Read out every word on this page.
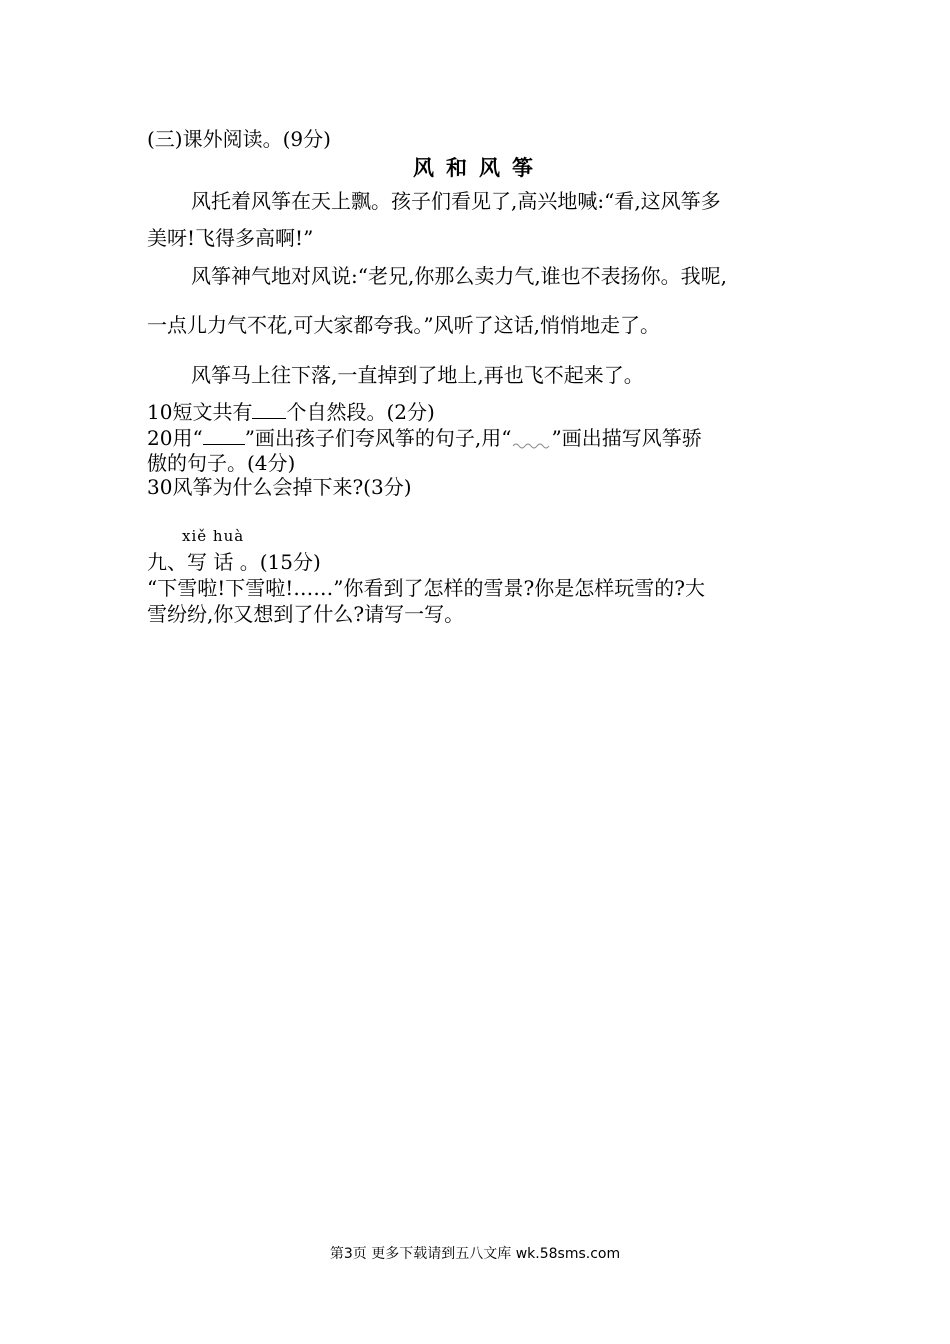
(三)课外阅读。(9分)
风和风筝
风托着风筝在天上飘。孩子们看见了,高兴地喊:“看,这风筝多
美呀!飞得多高啊!”
风筝神气地对风说:“老兄,你那么卖力气,谁也不表扬你。我呢,
一点儿力气不花,可大家都夸我。”风听了这话,悄悄地走了。
风筝马上往下落,一直掉到了地上,再也飞不起来了。
10短文共有 个自然段。(2分)
20用“ ”画出孩子们夸风筝的句子,用“ ”画出描写风筝骄
傲的句子。(4分)
30风筝为什么会掉下来?(3分)
xiě huà
九、写 话 。(15分)
“下雪啦!下雪啦!……”你看到了怎样的雪景?你是怎样玩雪的?大
雪纷纷,你又想到了什么?请写一写。
第3页 更多下载请到五八文库 wk.58sms.com
